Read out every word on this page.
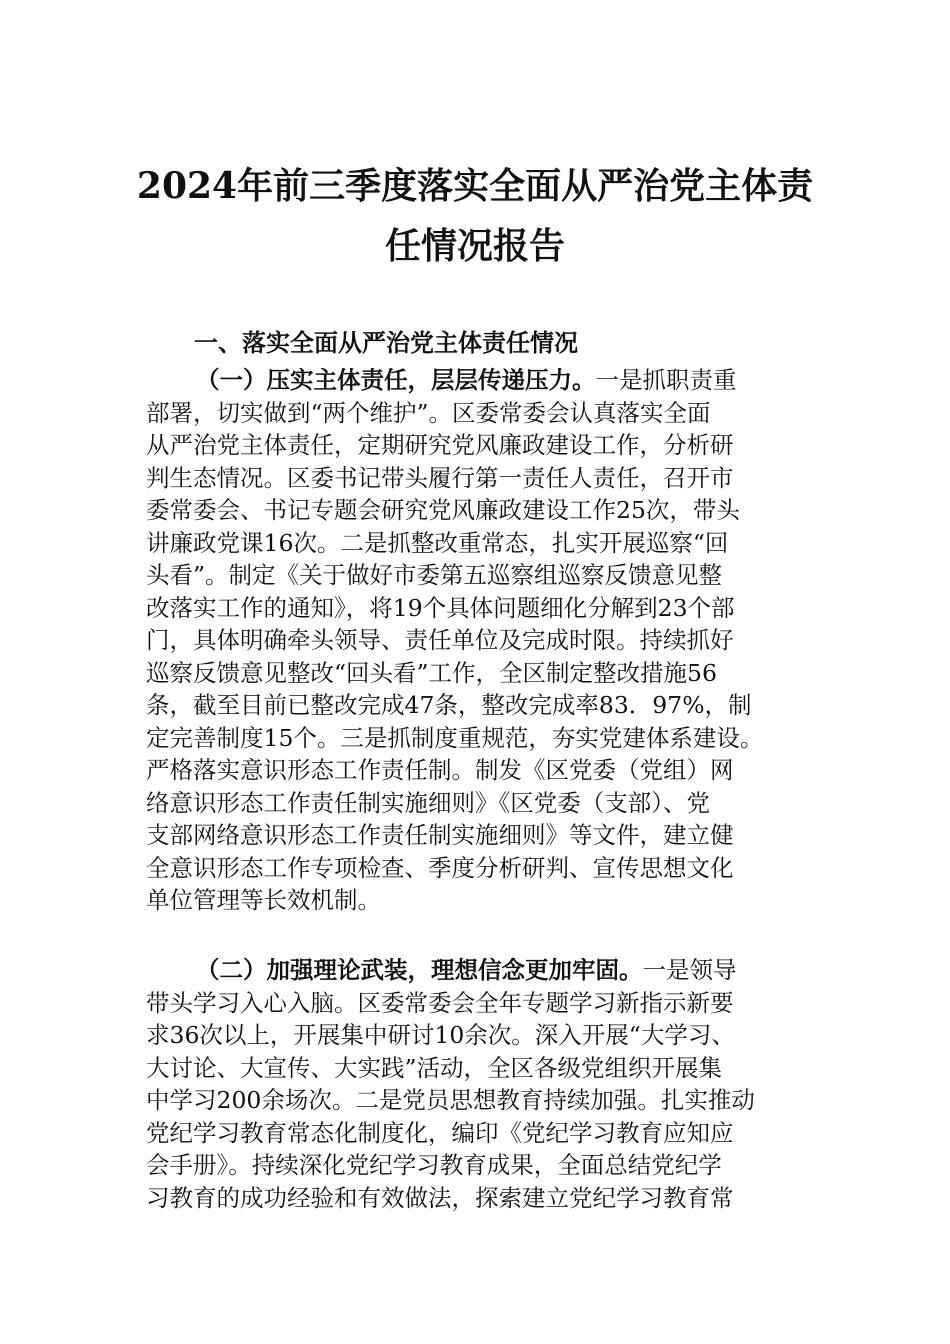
2024年前三季度落实全面从严治党主体责
任情况报告
一、落实全面从严治党主体责任情况
（一）压实主体责任，层层传递压力。一是抓职责重
部署，切实做到“两个维护”。区委常委会认真落实全面
从严治党主体责任，定期研究党风廉政建设工作，分析研
判生态情况。区委书记带头履行第一责任人责任，召开市
委常委会、书记专题会研究党风廉政建设工作25次，带头
讲廉政党课16次。二是抓整改重常态，扎实开展巡察“回
头看”。制定《关于做好市委第五巡察组巡察反馈意见整
改落实工作的通知》，将19个具体问题细化分解到23个部
门，具体明确牵头领导、责任单位及完成时限。持续抓好
巡察反馈意见整改“回头看”工作，全区制定整改措施56
条，截至目前已整改完成47条，整改完成率83．97%，制
定完善制度15个。三是抓制度重规范，夯实党建体系建设。
严格落实意识形态工作责任制。制发《区党委（党组）网
络意识形态工作责任制实施细则》《区党委（支部）、党
支部网络意识形态工作责任制实施细则》等文件，建立健
全意识形态工作专项检查、季度分析研判、宣传思想文化
单位管理等长效机制。
（二）加强理论武装，理想信念更加牢固。一是领导
带头学习入心入脑。区委常委会全年专题学习新指示新要
求36次以上，开展集中研讨10余次。深入开展“大学习、
大讨论、大宣传、大实践”活动，全区各级党组织开展集
中学习200余场次。二是党员思想教育持续加强。扎实推动
党纪学习教育常态化制度化，编印《党纪学习教育应知应
会手册》。持续深化党纪学习教育成果，全面总结党纪学
习教育的成功经验和有效做法，探索建立党纪学习教育常
